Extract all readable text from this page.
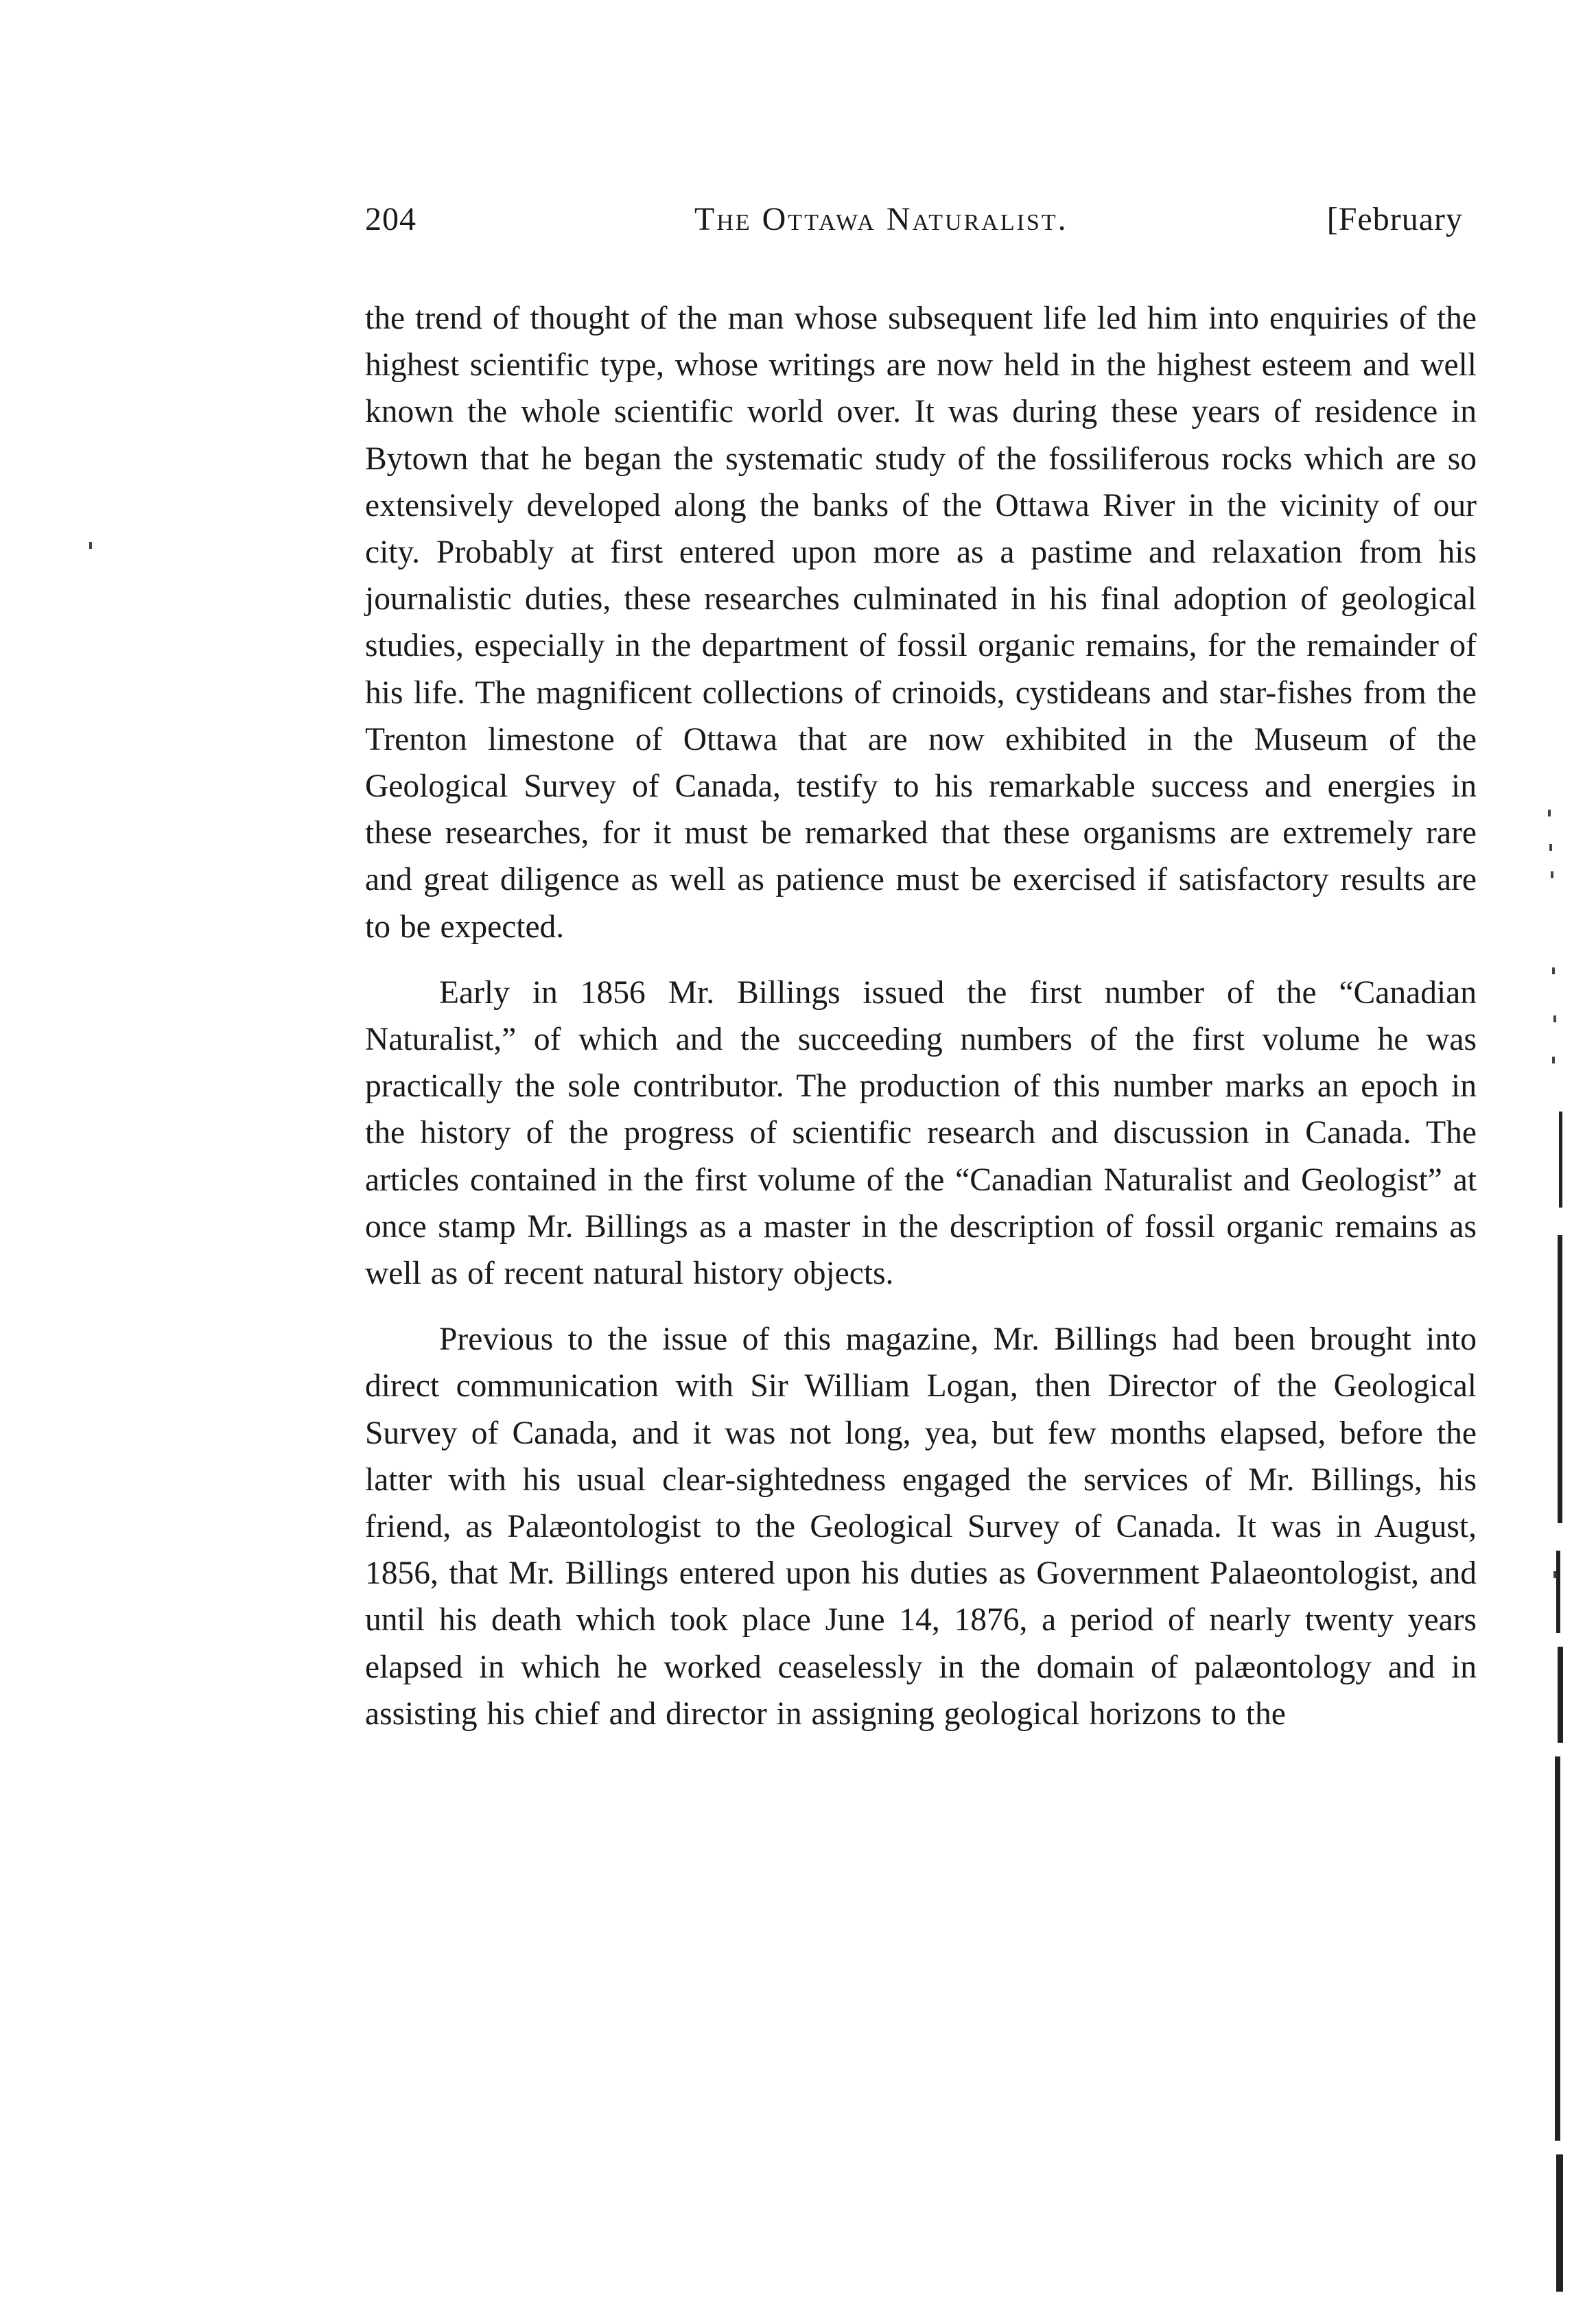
204	The Ottawa Naturalist.	[February

the trend of thought of the man whose subsequent life led him into enquiries of the highest scientific type, whose writings are now held in the highest esteem and well known the whole scientific world over. It was during these years of residence in Bytown that he began the systematic study of the fossiliferous rocks which are so extensively developed along the banks of the Ottawa River in the vicinity of our city. Probably at first entered upon more as a pastime and relaxation from his journalistic duties, these researches culminated in his final adoption of geological studies, especially in the department of fossil organic remains, for the remainder of his life. The magnificent collections of crinoids, cystideans and star-fishes from the Trenton limestone of Ottawa that are now exhibited in the Museum of the Geological Survey of Canada, testify to his remarkable success and energies in these researches, for it must be remarked that these organisms are extremely rare and great diligence as well as patience must be exercised if satisfactory results are to be expected.

Early in 1856 Mr. Billings issued the first number of the “Canadian Naturalist,” of which and the succeeding numbers of the first volume he was practically the sole contributor. The production of this number marks an epoch in the history of the progress of scientific research and discussion in Canada. The articles contained in the first volume of the “Canadian Naturalist and Geologist” at once stamp Mr. Billings as a master in the description of fossil organic remains as well as of recent natural history objects.

Previous to the issue of this magazine, Mr. Billings had been brought into direct communication with Sir William Logan, then Director of the Geological Survey of Canada, and it was not long, yea, but few months elapsed, before the latter with his usual clear-sightedness engaged the services of Mr. Billings, his friend, as Palæontologist to the Geological Survey of Canada. It was in August, 1856, that Mr. Billings entered upon his duties as Government Palaeontologist, and until his death which took place June 14, 1876, a period of nearly twenty years elapsed in which he worked ceaselessly in the domain of palæontology and in assisting his chief and director in assigning geological horizons to the
